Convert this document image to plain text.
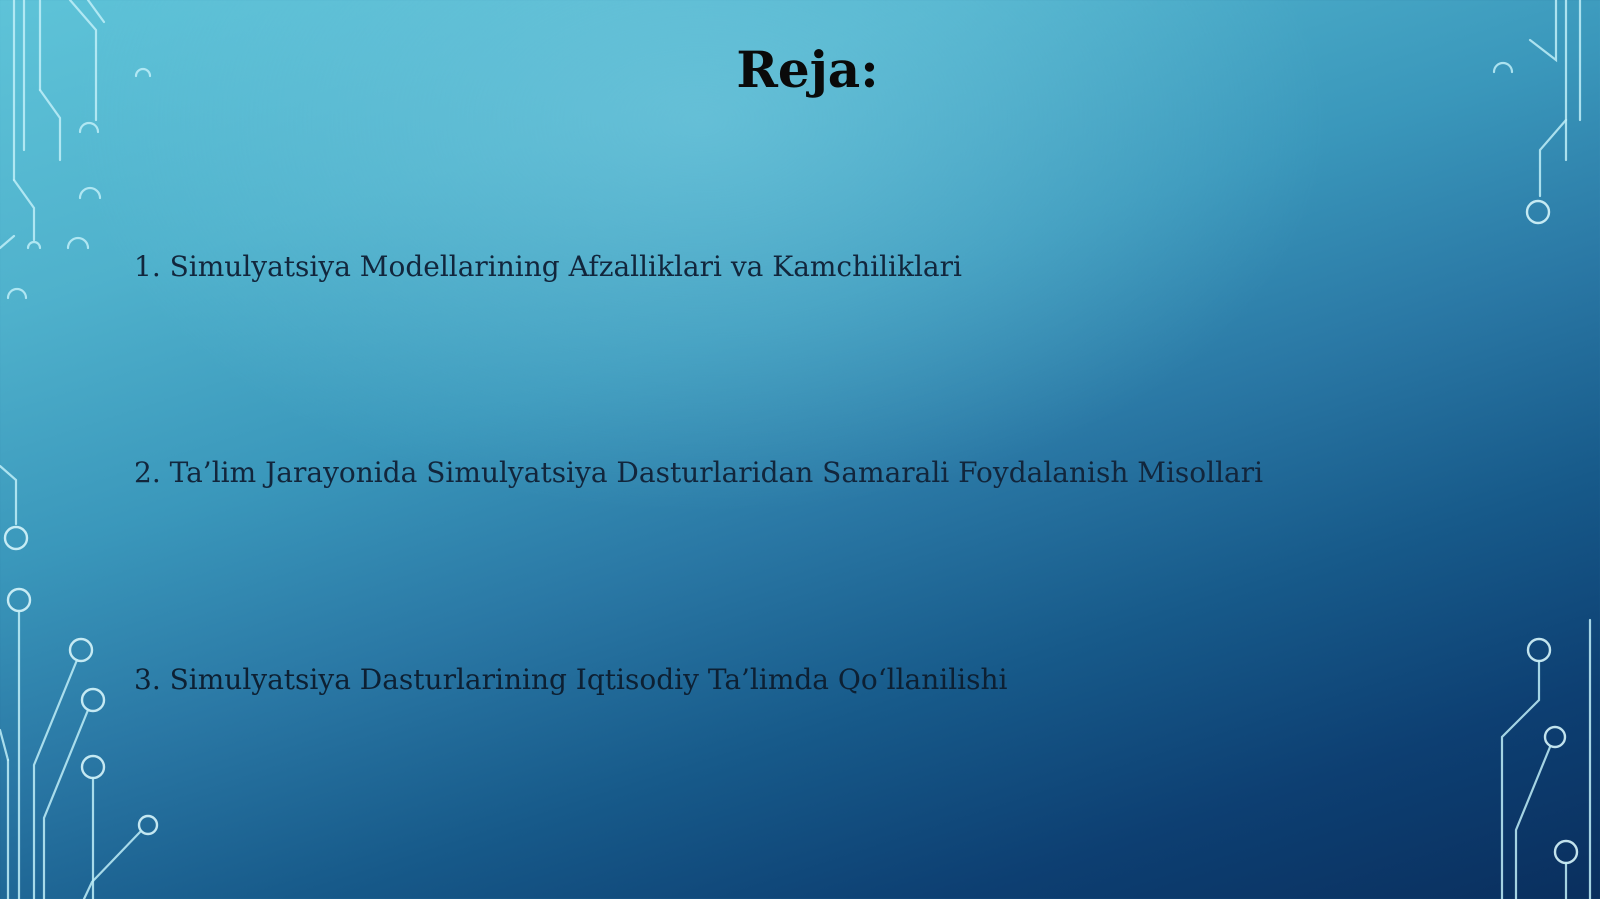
Reja:
1. Simulyatsiya Modellarining Afzalliklari va Kamchiliklari
2. Ta’lim Jarayonida Simulyatsiya Dasturlaridan Samarali Foydalanish Misollari
3. Simulyatsiya Dasturlarining Iqtisodiy Ta’limda Qo‘llanilishi
